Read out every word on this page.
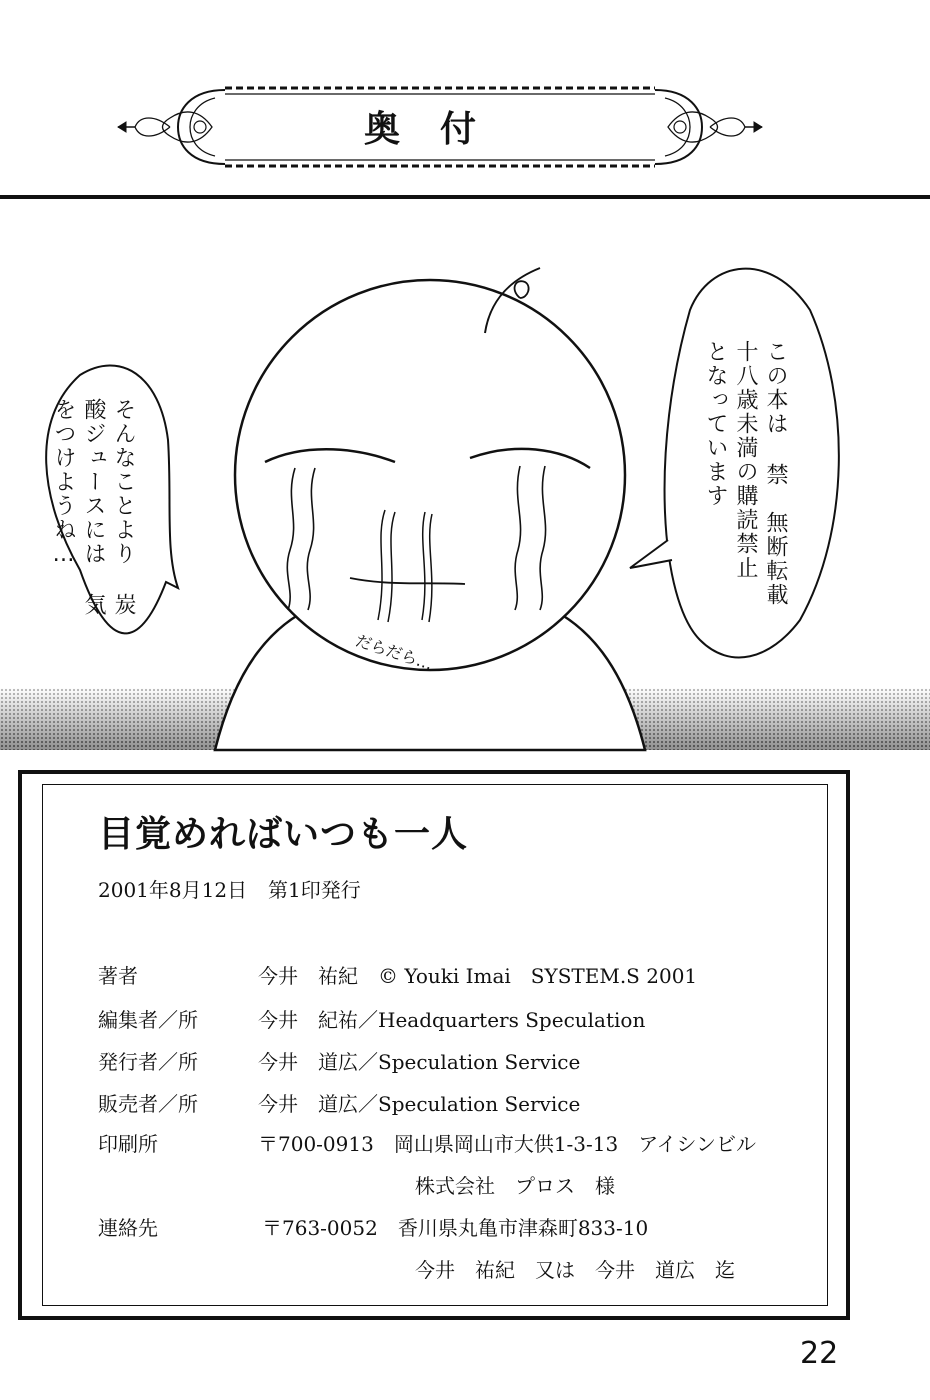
奥付
そんなことより 炭酸ジュースには 気をつけようね…
この本は 禁　無断転載 十八歳未満の購読禁止 となっています
だらだら…
目覚めればいつも一人
2001年8月12日 第1印発行
著者	今井　祐紀　© Youki Imai　SYSTEM.S 2001
編集者／所	今井　紀祐／Headquarters Speculation
発行者／所	今井　道広／Speculation Service
販売者／所	今井　道広／Speculation Service
印刷所	〒700-0913　岡山県岡山市大供1-3-13　アイシンビル
株式会社　プロス　様
連絡先	〒763-0052　香川県丸亀市津森町833-10
今井　祐紀　又は　今井　道広　迄
22
